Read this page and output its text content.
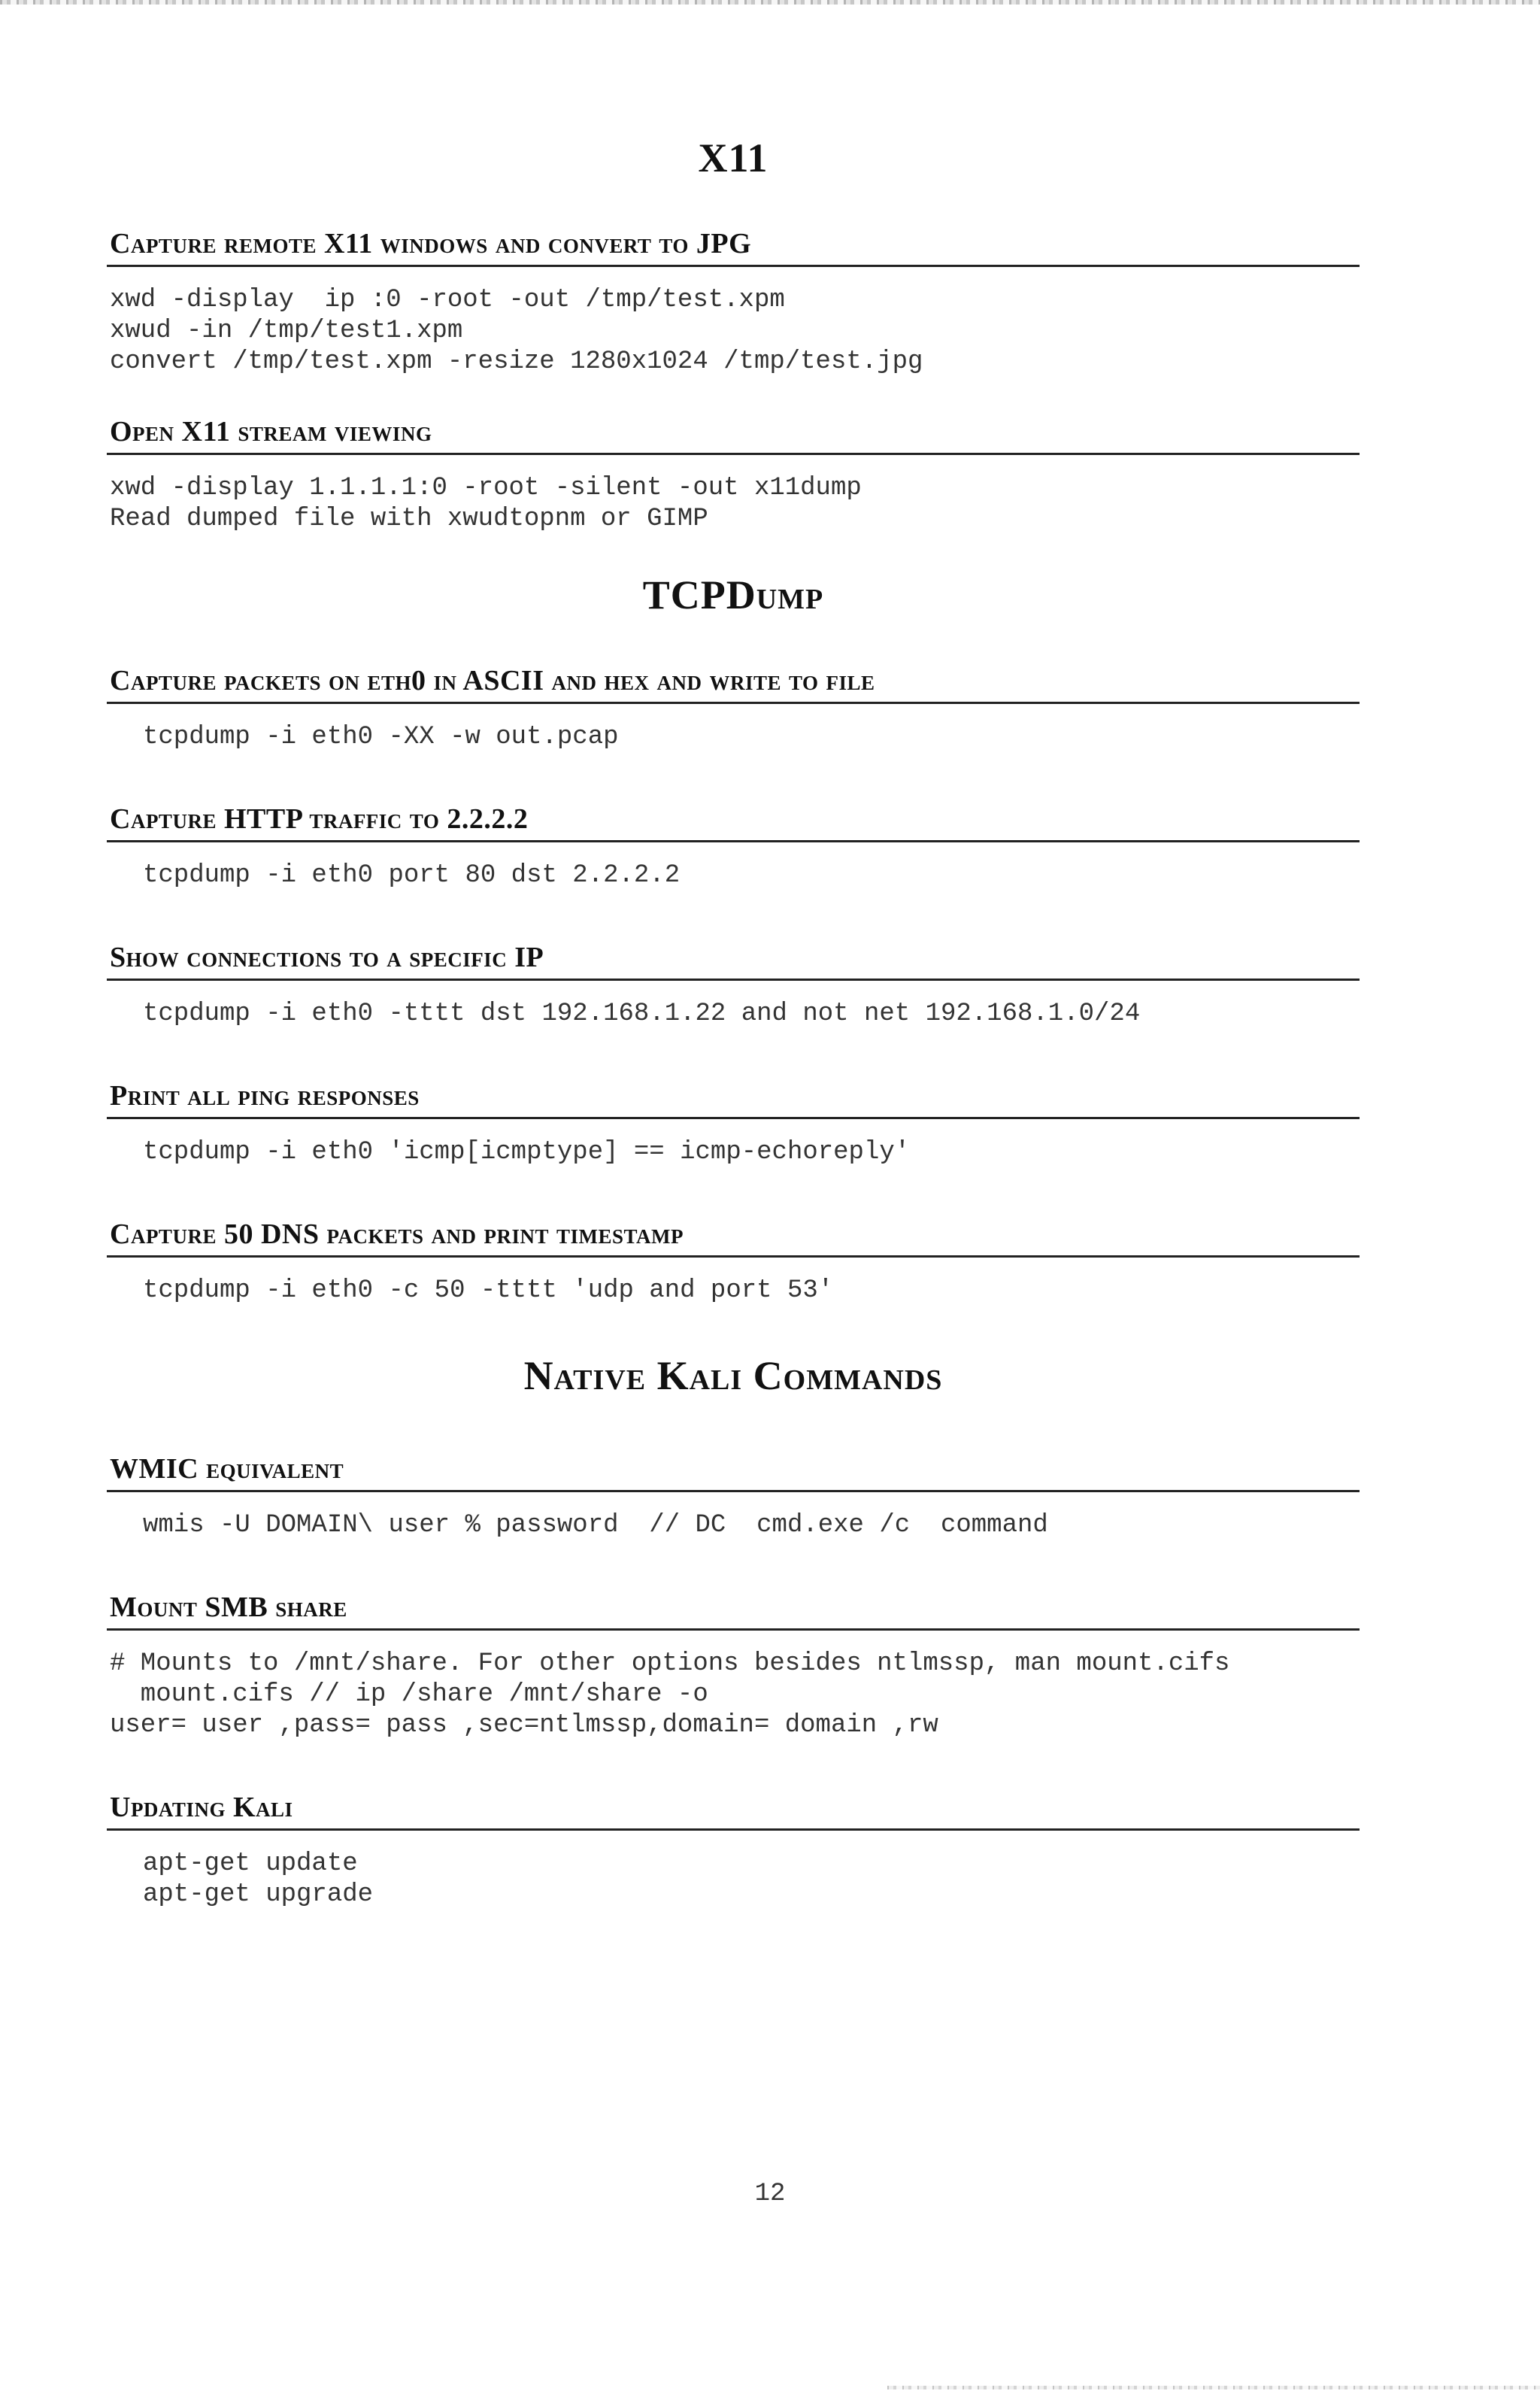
X11
Capture remote X11 windows and convert to JPG
xwd -display  ip :0 -root -out /tmp/test.xpm
xwud -in /tmp/test1.xpm
convert /tmp/test.xpm -resize 1280x1024 /tmp/test.jpg
Open X11 stream viewing
xwd -display 1.1.1.1:0 -root -silent -out x11dump
Read dumped file with xwudtopnm or GIMP
TCPDump
Capture packets on eth0 in ASCII and hex and write to file
tcpdump -i eth0 -XX -w out.pcap
Capture HTTP traffic to 2.2.2.2
tcpdump -i eth0 port 80 dst 2.2.2.2
Show connections to a specific IP
tcpdump -i eth0 -tttt dst 192.168.1.22 and not net 192.168.1.0/24
Print all ping responses
tcpdump -i eth0 'icmp[icmptype] == icmp-echoreply'
Capture 50 DNS packets and print timestamp
tcpdump -i eth0 -c 50 -tttt 'udp and port 53'
Native Kali Commands
WMIC equivalent
wmis -U DOMAIN\ user % password  // DC  cmd.exe /c  command
Mount SMB share
# Mounts to /mnt/share. For other options besides ntlmssp, man mount.cifs
mount.cifs // ip /share /mnt/share -o
user= user ,pass= pass ,sec=ntlmssp,domain= domain ,rw
Updating Kali
apt-get update
apt-get upgrade
12
